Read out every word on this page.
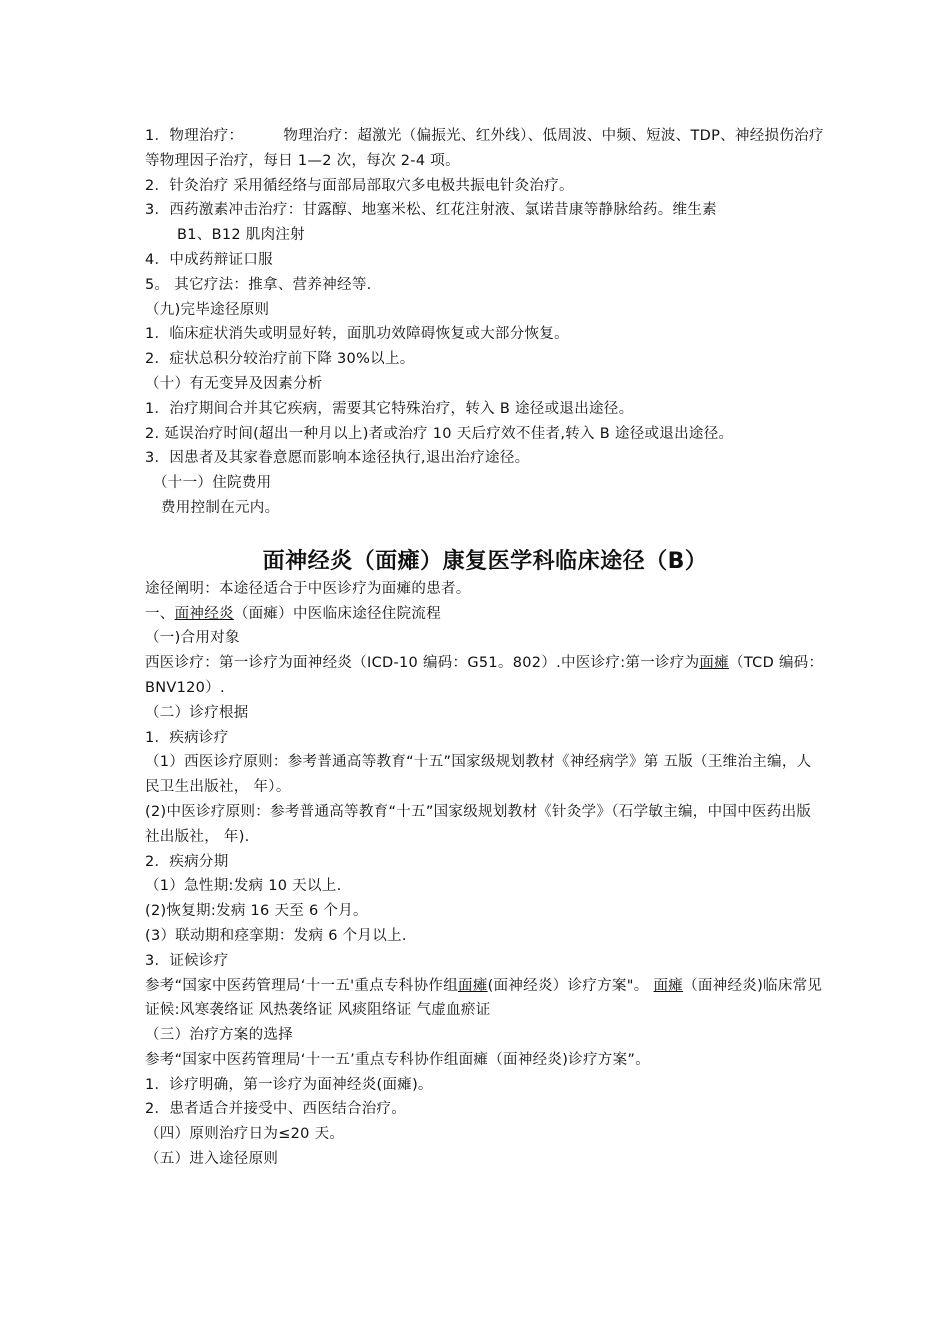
1．物理治疗：	物理治疗：超激光（偏振光、红外线）、低周波、中频、短波、TDP、神经损伤治疗等物理因子治疗，每日 1—2 次，每次 2-4 项。

2．针灸治疗 采用循经络与面部局部取穴多电极共振电针灸治疗。

3．西药激素冲击治疗：甘露醇、地塞米松、红花注射液、氯诺昔康等静脉给药。维生素

B1、B12 肌肉注射

4．中成药辩证口服

5。 其它疗法：推拿、营养神经等.

（九)完毕途径原则

1．临床症状消失或明显好转，面肌功效障碍恢复或大部分恢复。

2．症状总积分较治疗前下降 30%以上。

（十）有无变异及因素分析

1．治疗期间合并其它疾病，需要其它特殊治疗，转入 B 途径或退出途径。

2. 延误治疗时间(超出一种月以上)者或治疗 10 天后疗效不佳者,转入 B 途径或退出途径。

3．因患者及其家眷意愿而影响本途径执行,退出治疗途径。

（十一）住院费用

费用控制在元内。

面神经炎（面瘫）康复医学科临床途径（B）

途径阐明：本途径适合于中医诊疗为面瘫的患者。

一、面神经炎（面瘫）中医临床途径住院流程

（一)合用对象

西医诊疗：第一诊疗为面神经炎（ICD-10 编码：G51。802）.中医诊疗:第一诊疗为面瘫（TCD 编码：BNV120）.

（二）诊疗根据

1．疾病诊疗

（1）西医诊疗原则：参考普通高等教育“十五”国家级规划教材《神经病学》第 五版（王维治主编，人民卫生出版社， 年）。

(2)中医诊疗原则：参考普通高等教育“十五”国家级规划教材《针灸学》（石学敏主编，中国中医药出版社出版社， 年).

2．疾病分期

（1）急性期:发病 10 天以上.

(2)恢复期:发病 16 天至 6 个月。

(3）联动期和痉挛期：发病 6 个月以上.

3．证候诊疗

参考“国家中医药管理局‘十一五'重点专科协作组面瘫(面神经炎）诊疗方案"。 面瘫（面神经炎)临床常见证候:风寒袭络证 风热袭络证 风痰阻络证 气虚血瘀证

（三）治疗方案的选择

参考“国家中医药管理局‘十一五’重点专科协作组面瘫（面神经炎)诊疗方案”。

1．诊疗明确，第一诊疗为面神经炎(面瘫)。

2．患者适合并接受中、西医结合治疗。

（四）原则治疗日为≤20 天。

（五）进入途径原则
